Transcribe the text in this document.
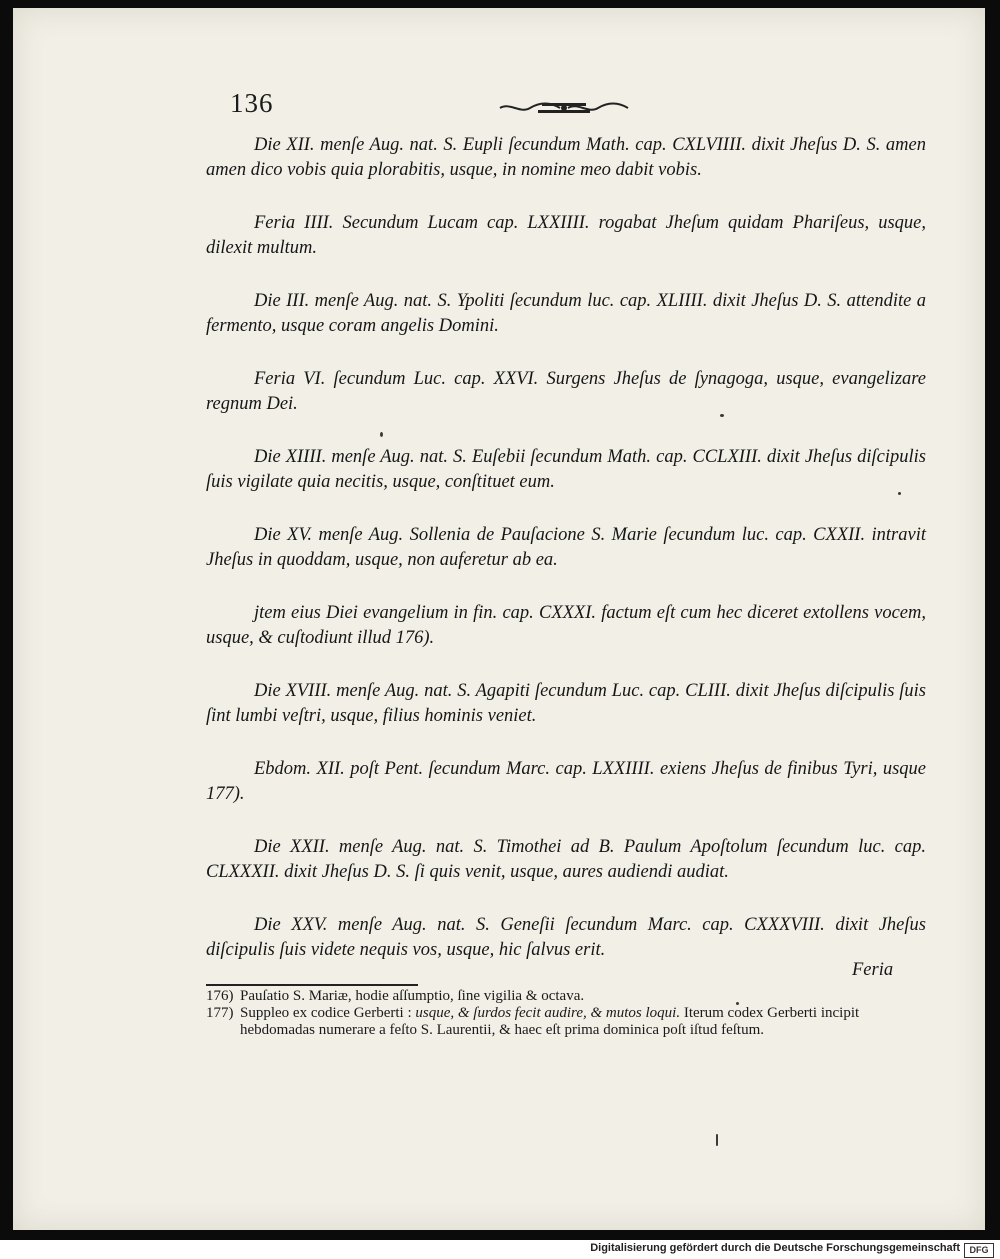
136

Die XII. menſe Aug. nat. S. Eupli ſecundum Math. cap. CXLVIIII. dixit Jheſus D. S. amen amen dico vobis quia plorabitis, usque, in nomine meo dabit vobis.

Feria IIII. Secundum Lucam cap. LXXIIII. rogabat Jheſum quidam Phariſeus, usque, dilexit multum.

Die III. menſe Aug. nat. S. Ypoliti ſecundum luc. cap. XLIIII. dixit Jheſus D. S. attendite a fermento, usque coram angelis Domini.

Feria VI. ſecundum Luc. cap. XXVI. Surgens Jheſus de ſynagoga, usque, evangelizare regnum Dei.

Die XIIII. menſe Aug. nat. S. Euſebii ſecundum Math. cap. CCLXIII. dixit Jheſus diſcipulis ſuis vigilate quia necitis, usque, conſtituet eum.

Die XV. menſe Aug. Sollenia de Pauſacione S. Marie ſecundum luc. cap. CXXII. intravit Jheſus in quoddam, usque, non auferetur ab ea.

jtem eius Diei evangelium in fin. cap. CXXXI. factum eſt cum hec diceret extollens vocem, usque, & cuſtodiunt illud 176).

Die XVIII. menſe Aug. nat. S. Agapiti ſecundum Luc. cap. CLIII. dixit Jheſus diſcipulis ſuis ſint lumbi veſtri, usque, filius hominis veniet.

Ebdom. XII. poſt Pent. ſecundum Marc. cap. LXXIIII. exiens Jheſus de finibus Tyri, usque 177).

Die XXII. menſe Aug. nat. S. Timothei ad B. Paulum Apoſtolum ſecundum luc. cap. CLXXXII. dixit Jheſus D. S. ſi quis venit, usque, aures audiendi audiat.

Die XXV. menſe Aug. nat. S. Geneſii ſecundum Marc. cap. CXXXVIII. dixit Jheſus diſcipulis ſuis videte nequis vos, usque, hic ſalvus erit.

Feria

176) Pauſatio S. Mariæ, hodie aſſumptio, ſine vigilia & octava.

177) Suppleo ex codice Gerberti : usque, & ſurdos fecit audire, & mutos loqui. Iterum codex Gerberti incipit hebdomadas numerare a feſto S. Laurentii, & haec eſt prima dominica poſt iſtud feſtum.

Digitalisierung gefördert durch die Deutsche Forschungsgemeinschaft	DFG
